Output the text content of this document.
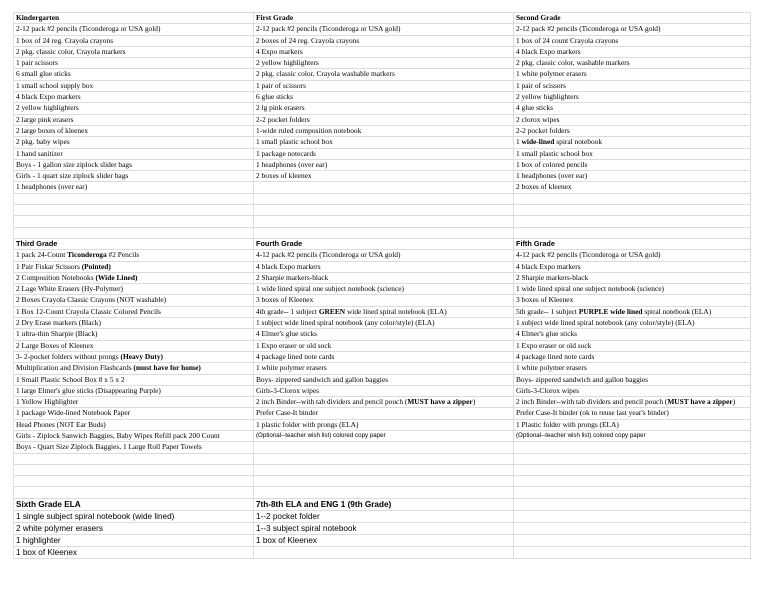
Kindergarten	First Grade	Second Grade
2-12 pack #2 pencils (Ticonderoga or USA gold)	2-12 pack #2 pencils (Ticonderoga or USA gold)	2-12 pack #2 pencils (Ticonderoga or USA gold)
1 box of 24 reg. Crayola crayons	2 boxes of 24 reg. Crayola crayons	1 box of 24 count Crayola crayons
2 pkg. classic color, Crayola markers	4 Expo markers	4 black Expo markers
1 pair scissors	2 yellow highlighters	2 pkg. classic color, washable markers
6 small glue sticks	2 pkg. classic color, Crayola washable markers	1 white polymer erasers
1 small school supply box	1 pair of scissors	1 pair of scissors
4 black Expo markers	6 glue sticks	2 yellow highlighters
2 yellow highlighters	2 lg pink erasers	4 glue sticks
2 large pink erasers	2-2 pocket folders	2 clorox wipes
2 large boxes of kleenex	1-wide ruled composition notebook	2-2 pocket folders
2 pkg. baby wipes	1 small plastic school box	1 wide-lined spiral notebook
1 hand sanitizer	1 package notecards	1 small plastic school box
Boys - 1 gallon size ziplock slider bags	1 headphones (over ear)	1 box of colored pencils
Girls - 1 quart size ziplock slider bags	2 boxes of kleenex	1 headphones (over ear)
1 headphones (over ear)		2 boxes of kleenex

Third Grade	Fourth Grade	Fifth Grade
1 pack 24-Count Ticonderoga #2 Pencils	4-12 pack #2 pencils (Ticonderoga or USA gold)	4-12 pack #2 pencils (Ticonderoga or USA gold)
1 Pair Fiskar Scissors (Pointed)	4 black Expo markers	4 black Expo markers
2 Composition Notebooks (Wide Lined)	2 Sharpie markers-black	2 Sharpie markers-black
2 Lage White Erasers (Hy-Polymer)	1 wide lined spiral one subject notebook (science)	1 wide lined spiral one subject notebook (science)
2 Boxes Crayola Classic Crayons (NOT washable)	3 boxes of Kleenex	3 boxes of Kleenex
1 Box 12-Count Crayola Classic Colored Pencils	4th grade-- 1 subject GREEN wide lined spiral notebook (ELA)	5th grade-- 1 subject PURPLE wide lined spiral notebook (ELA)
2 Dry Erase markers (Black)	1 subject wide lined spiral notebook (any color/style) (ELA)	1 subject wide lined spiral notebook (any color/style) (ELA)
1 ultra-thin Sharpie (Black)	4 Elmer's glue sticks	4 Elmer's glue sticks
2 Large Boxes of Kleenex	1 Expo eraser or old sock	1 Expo eraser or old sock
3- 2-pocket folders without prongs (Heavy Duty)	4 package lined note cards	4 package lined note cards
Multiplication and Division Flashcards (must have for home)	1 white polymer erasers	1 white polymer erasers
1 Small Plastic School Box 8 x 5 x 2	Boys- zippered sandwich and gallon baggies	Boys- zippered sandwich and gallon baggies
1 large Elmer's glue sticks (Disappearing Purple)	Girls-3-Clorox wipes	Girls-3-Clorox wipes
1 Yellow Highlighter	2 inch Binder--with tab dividers and pencil pouch (MUST have a zipper)	2 inch Binder--with tab dividers and pencil pouch (MUST have a zipper)
1 package Wide-lined Notebook Paper	Prefer Case-It binder	Prefer Case-It binder (ok to reuse last year's binder)
Head Phones (NOT Ear Buds)	1 plastic folder with prongs (ELA)	1 Plastic folder with prongs (ELA)
Girls - Ziplock Sanwich Baggies, Baby Wipes Refill pack 200 Count	(Optional--teacher wish list) colored copy paper	(Optional--teacher wish list) colored copy paper
Boys - Quart Size Ziplock Baggies, 1 Large Roll Paper Towels		

Sixth Grade ELA	7th-8th ELA and ENG 1 (9th Grade)	
1 single subject spiral notebook (wide lined)	1--2 pocket folder	
2 white polymer erasers	1--3 subject spiral notebook	
1 highlighter	1 box of Kleenex	
1 box of Kleenex		
